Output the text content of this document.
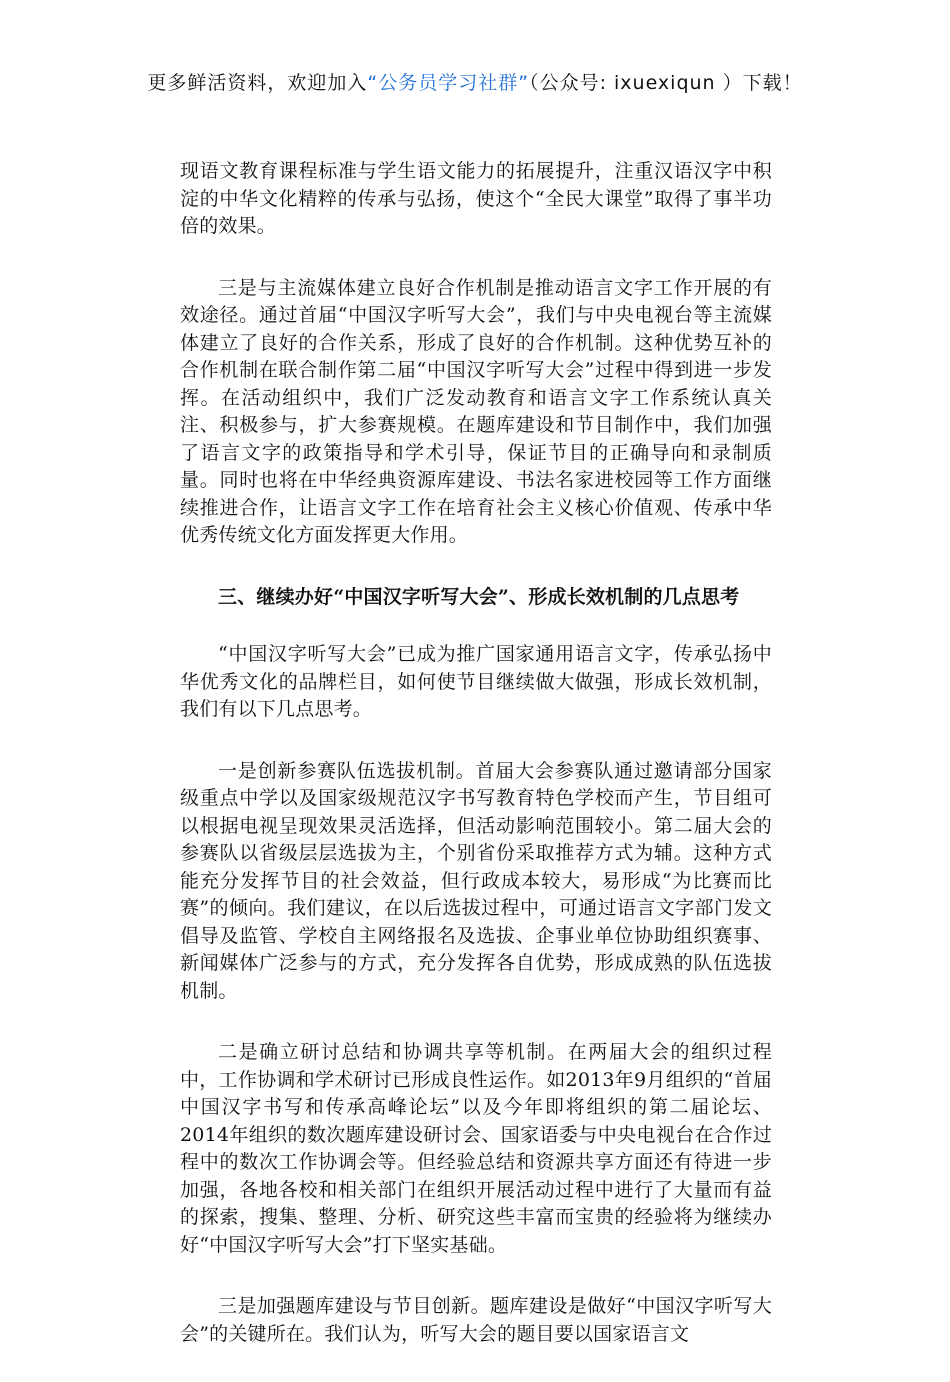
更多鲜活资料，欢迎加入“公务员学习社群”（公众号: ixuexiqun ）下载！

现语文教育课程标准与学生语文能力的拓展提升，注重汉语汉字中积淀的中华文化精粹的传承与弘扬，使这个“全民大课堂”取得了事半功倍的效果。

三是与主流媒体建立良好合作机制是推动语言文字工作开展的有效途径。通过首届“中国汉字听写大会”，我们与中央电视台等主流媒体建立了良好的合作关系，形成了良好的合作机制。这种优势互补的合作机制在联合制作第二届“中国汉字听写大会”过程中得到进一步发挥。在活动组织中，我们广泛发动教育和语言文字工作系统认真关注、积极参与，扩大参赛规模。在题库建设和节目制作中，我们加强了语言文字的政策指导和学术引导，保证节目的正确导向和录制质量。同时也将在中华经典资源库建设、书法名家进校园等工作方面继续推进合作，让语言文字工作在培育社会主义核心价值观、传承中华优秀传统文化方面发挥更大作用。

三、继续办好“中国汉字听写大会”、形成长效机制的几点思考

“中国汉字听写大会”已成为推广国家通用语言文字，传承弘扬中华优秀文化的品牌栏目，如何使节目继续做大做强，形成长效机制，我们有以下几点思考。

一是创新参赛队伍选拔机制。首届大会参赛队通过邀请部分国家级重点中学以及国家级规范汉字书写教育特色学校而产生，节目组可以根据电视呈现效果灵活选择，但活动影响范围较小。第二届大会的参赛队以省级层层选拔为主，个别省份采取推荐方式为辅。这种方式能充分发挥节目的社会效益，但行政成本较大，易形成“为比赛而比赛”的倾向。我们建议，在以后选拔过程中，可通过语言文字部门发文倡导及监管、学校自主网络报名及选拔、企事业单位协助组织赛事、新闻媒体广泛参与的方式，充分发挥各自优势，形成成熟的队伍选拔机制。

二是确立研讨总结和协调共享等机制。在两届大会的组织过程中，工作协调和学术研讨已形成良性运作。如2013年9月组织的“首届中国汉字书写和传承高峰论坛”以及今年即将组织的第二届论坛、2014年组织的数次题库建设研讨会、国家语委与中央电视台在合作过程中的数次工作协调会等。但经验总结和资源共享方面还有待进一步加强，各地各校和相关部门在组织开展活动过程中进行了大量而有益的探索，搜集、整理、分析、研究这些丰富而宝贵的经验将为继续办好“中国汉字听写大会”打下坚实基础。

三是加强题库建设与节目创新。题库建设是做好“中国汉字听写大会”的关键所在。我们认为，听写大会的题目要以国家语言文
